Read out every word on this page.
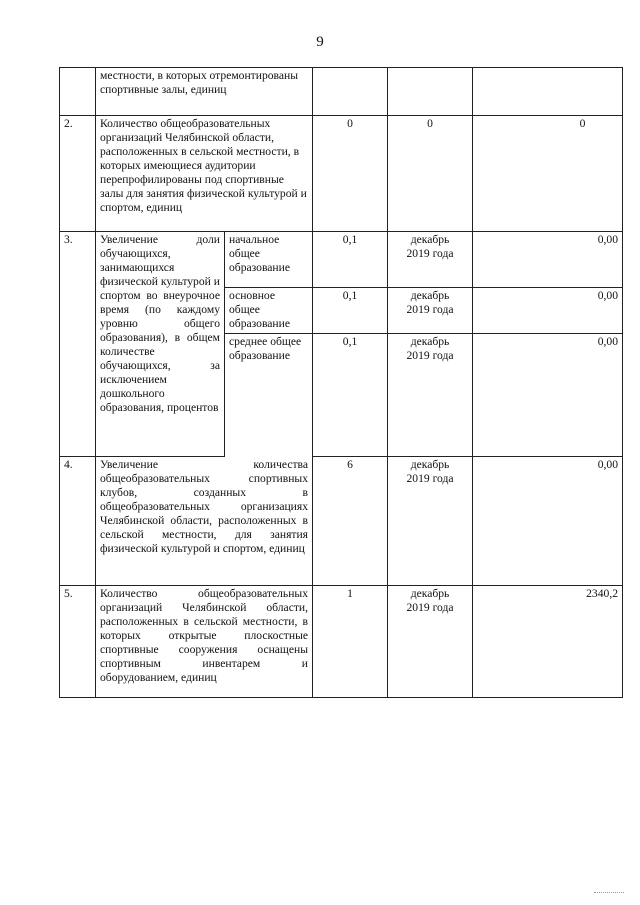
9
	местности, в которых отремонтированы спортивные залы, единиц			

2.	Количество общеобразовательных организаций Челябинской области, расположенных в сельской местности, в которых имеющиеся аудитории перепрофилированы под спортивные залы для занятия физической культурой и спортом, единиц		0	0	0
3.	Увеличение доли обучающихся, занимающихся физической культурой и спортом во внеурочное время (по каждому уровню общего образования), в общем количестве обучающихся, за исключением дошкольного образования, процентов	начальное общее образование	0,1	декабрь
2019 года	0,00
		основное общее образование	0,1	декабрь
2019 года	0,00
		среднее общее образование	0,1	декабрь
2019 года	0,00
4.	Увеличение количества общеобразовательных спортивных клубов, созданных в общеобразовательных организациях Челябинской области, расположенных в сельской местности, для занятия физической культурой и спортом, единиц		6	декабрь
2019 года	0,00
5.	Количество общеобразовательных организаций Челябинской области, расположенных в сельской местности, в которых открытые плоскостные спортивные сооружения оснащены спортивным инвентарем и оборудованием, единиц		1	декабрь
2019 года	2340,2
